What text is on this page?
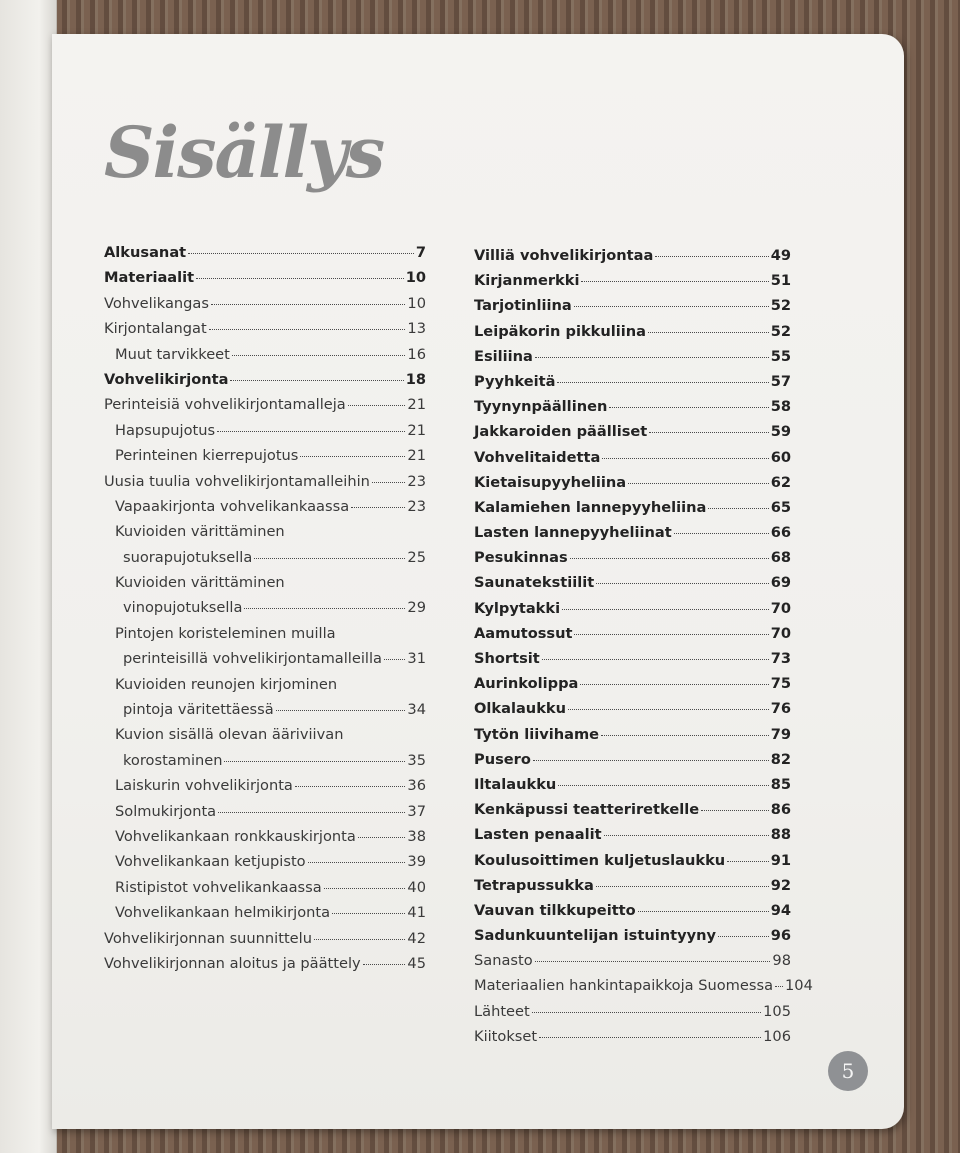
Sisällys
Alkusanat	7
Materiaalit	10
Vohvelikangas	10
Kirjontalangat	13
Muut tarvikkeet	16
Vohvelikirjonta	18
Perinteisiä vohvelikirjontamalleja	21
Hapsupujotus	21
Perinteinen kierrepujotus	21
Uusia tuulia vohvelikirjontamalleihin	23
Vapaakirjonta vohvelikankaassa	23
Kuvioiden värittäminen
suorapujotuksella	25
Kuvioiden värittäminen
vinopujotuksella	29
Pintojen koristeleminen muilla
perinteisillä vohvelikirjontamalleilla 31
Kuvioiden reunojen kirjominen
pintoja väritettäessä	34
Kuvion sisällä olevan ääriviivan
korostaminen	35
Laiskurin vohvelikirjonta	36
Solmukirjonta	37
Vohvelikankaan ronkkauskirjonta	38
Vohvelikankaan ketjupisto	39
Ristipistot vohvelikankaassa	40
Vohvelikankaan helmikirjonta	41
Vohvelikirjonnan suunnittelu	42
Vohvelikirjonnan aloitus ja päättely	45
Villiä vohvelikirjontaa	49
Kirjanmerkki	51
Tarjotinliina	52
Leipäkorin pikkuliina	52
Esiliina	55
Pyyhkeitä	57
Tyynynpäällinen	58
Jakkaroiden päälliset	59
Vohvelitaidetta	60
Kietaisupyyheliina	62
Kalamiehen lannepyyheliina	65
Lasten lannepyyheliinat	66
Pesukinnas	68
Saunatekstiilit	69
Kylpytakki	70
Aamutossut	70
Shortsit	73
Aurinkolippa	75
Olkalaukku	76
Tytön liivihame	79
Pusero	82
Iltalaukku	85
Kenkäpussi teatteriretkelle	86
Lasten penaalit	88
Koulusoittimen kuljetuslaukku	91
Tetrapussukka	92
Vauvan tilkkupeitto	94
Sadunkuuntelijan istuintyyny	96
Sanasto	98
Materiaalien hankintapaikkoja Suomessa 104
Lähteet	105
Kiitokset	106
5
